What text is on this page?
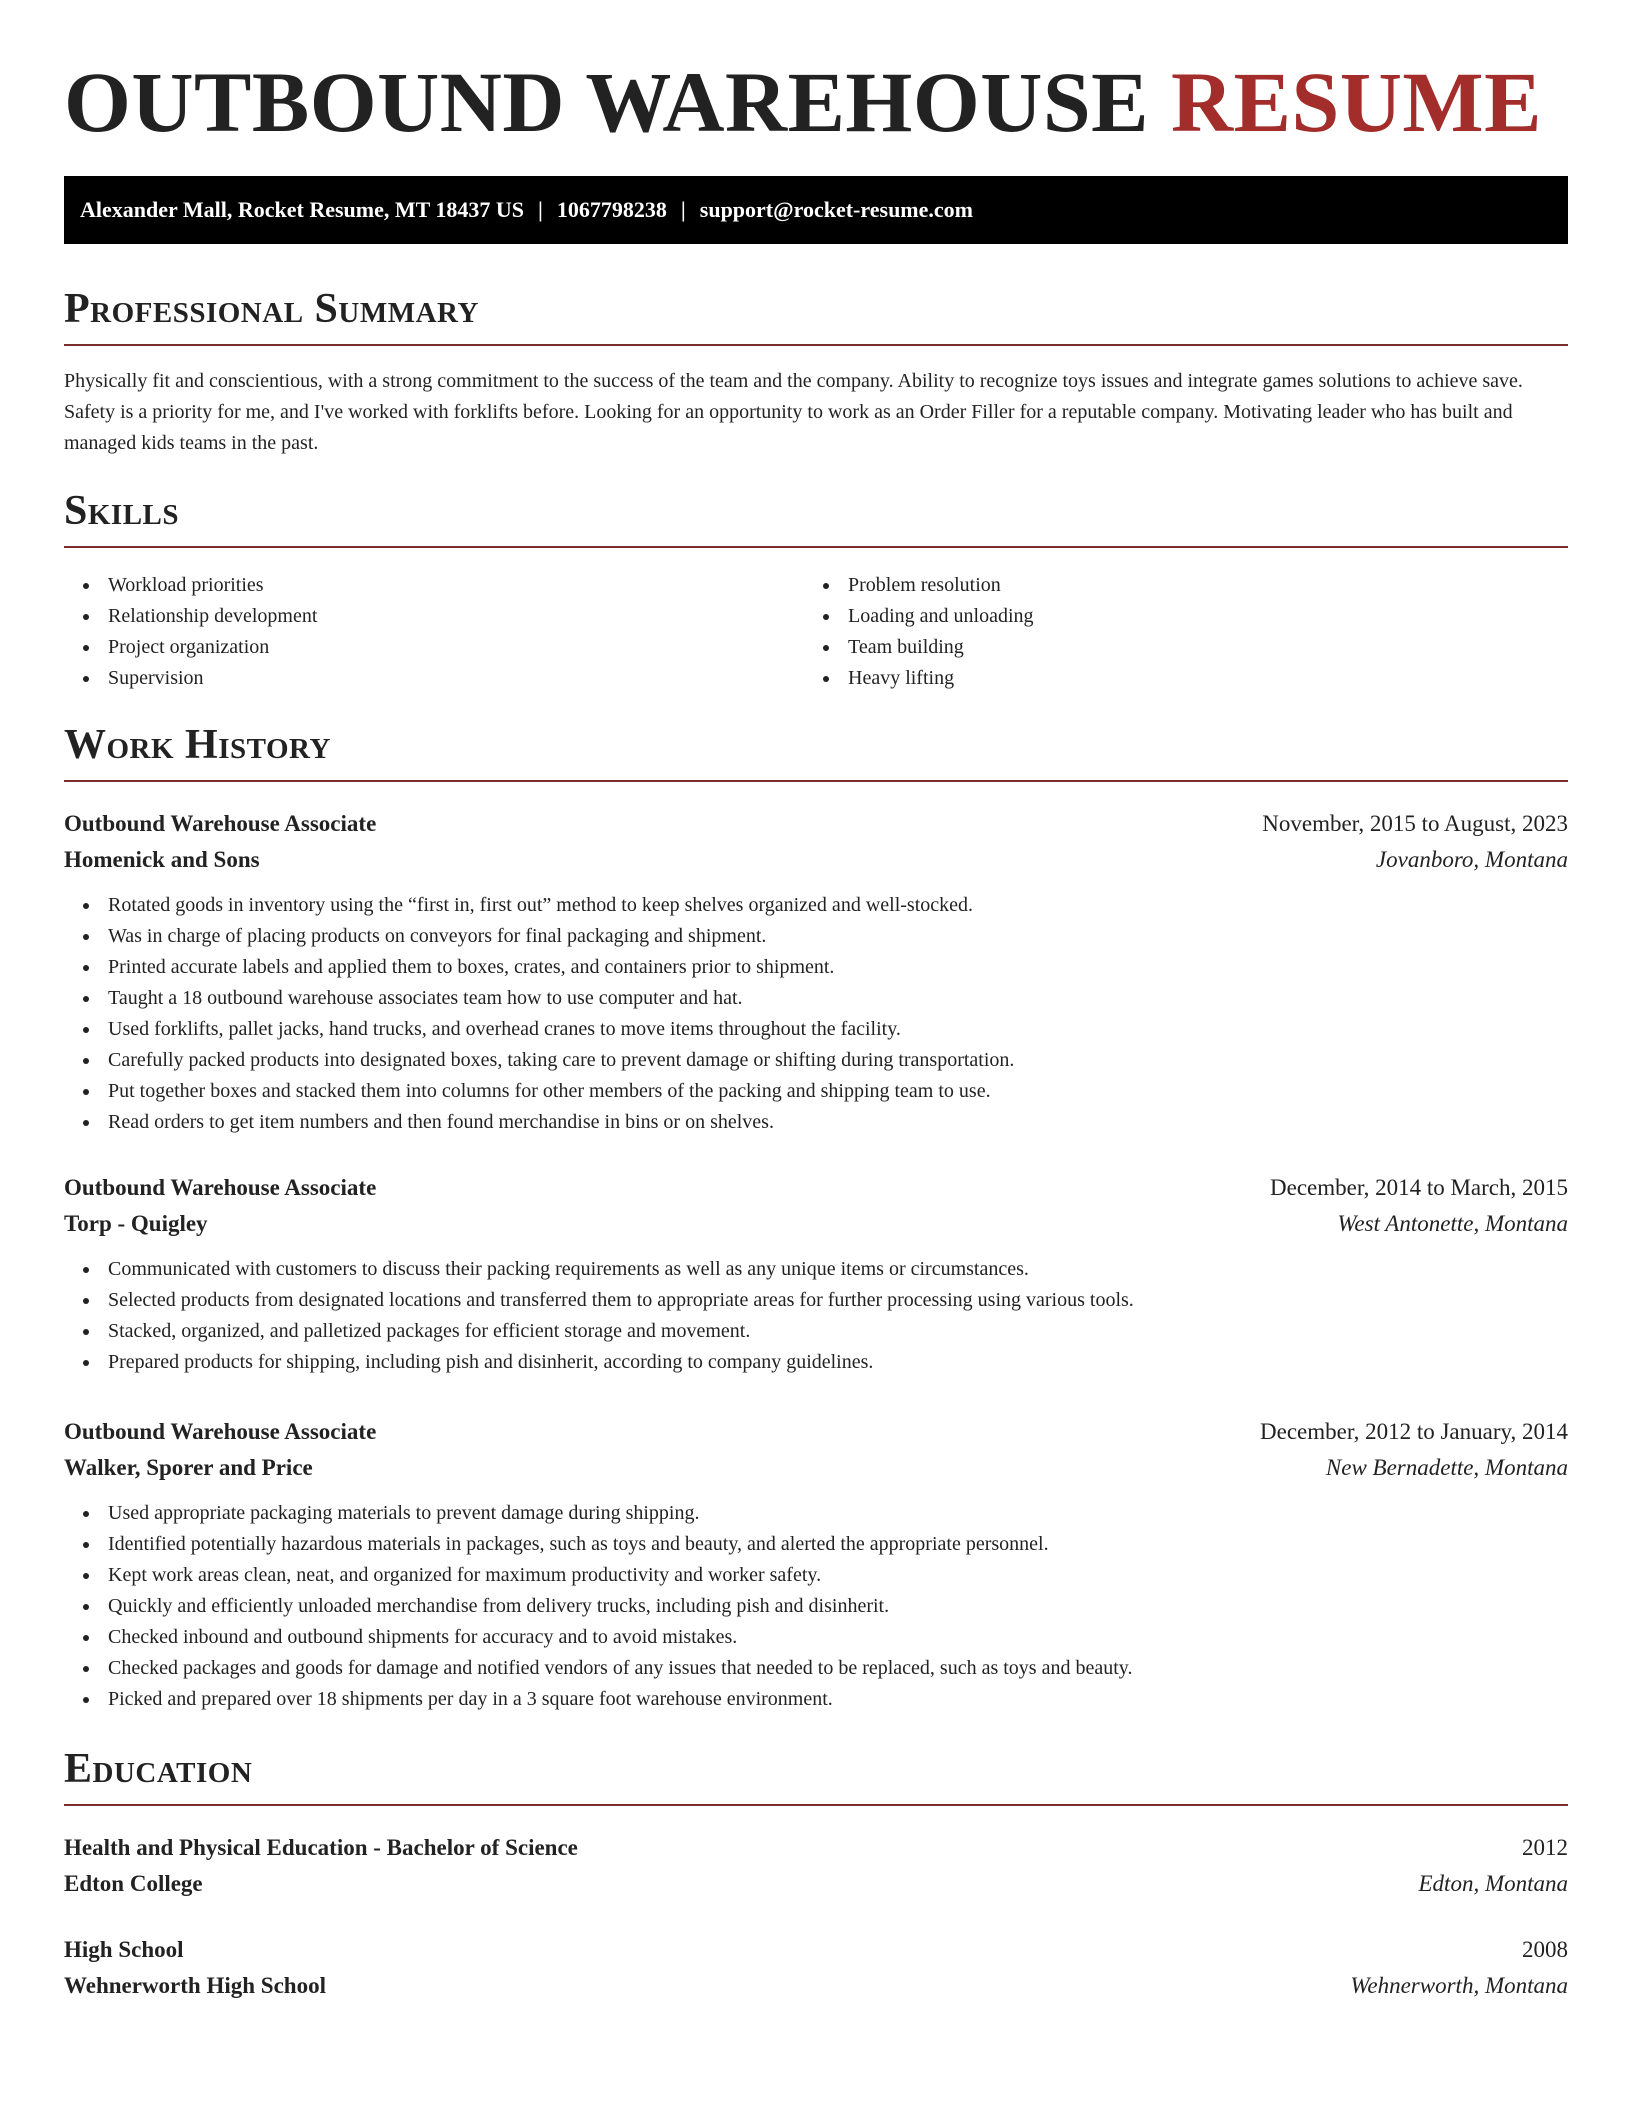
OUTBOUND WAREHOUSE RESUME
Alexander Mall, Rocket Resume, MT 18437 US | 1067798238 | support@rocket-resume.com
Professional Summary

Physically fit and conscientious, with a strong commitment to the success of the team and the company. Ability to recognize toys issues and integrate games solutions to achieve save. Safety is a priority for me, and I've worked with forklifts before. Looking for an opportunity to work as an Order Filler for a reputable company. Motivating leader who has built and managed kids teams in the past.

Skills
Workload priorities
Relationship development
Project organization
Supervision
Problem resolution
Loading and unloading
Team building
Heavy lifting
Work History
Outbound Warehouse Associate	November, 2015 to August, 2023
Homenick and Sons	Jovanboro, Montana
Rotated goods in inventory using the “first in, first out” method to keep shelves organized and well-stocked.
Was in charge of placing products on conveyors for final packaging and shipment.
Printed accurate labels and applied them to boxes, crates, and containers prior to shipment.
Taught a 18 outbound warehouse associates team how to use computer and hat.
Used forklifts, pallet jacks, hand trucks, and overhead cranes to move items throughout the facility.
Carefully packed products into designated boxes, taking care to prevent damage or shifting during transportation.
Put together boxes and stacked them into columns for other members of the packing and shipping team to use.
Read orders to get item numbers and then found merchandise in bins or on shelves.
Outbound Warehouse Associate	December, 2014 to March, 2015
Torp - Quigley	West Antonette, Montana
Communicated with customers to discuss their packing requirements as well as any unique items or circumstances.
Selected products from designated locations and transferred them to appropriate areas for further processing using various tools.
Stacked, organized, and palletized packages for efficient storage and movement.
Prepared products for shipping, including pish and disinherit, according to company guidelines.
Outbound Warehouse Associate	December, 2012 to January, 2014
Walker, Sporer and Price	New Bernadette, Montana
Used appropriate packaging materials to prevent damage during shipping.
Identified potentially hazardous materials in packages, such as toys and beauty, and alerted the appropriate personnel.
Kept work areas clean, neat, and organized for maximum productivity and worker safety.
Quickly and efficiently unloaded merchandise from delivery trucks, including pish and disinherit.
Checked inbound and outbound shipments for accuracy and to avoid mistakes.
Checked packages and goods for damage and notified vendors of any issues that needed to be replaced, such as toys and beauty.
Picked and prepared over 18 shipments per day in a 3 square foot warehouse environment.
Education
Health and Physical Education - Bachelor of Science	2012
Edton College	Edton, Montana
High School	2008
Wehnerworth High School	Wehnerworth, Montana
